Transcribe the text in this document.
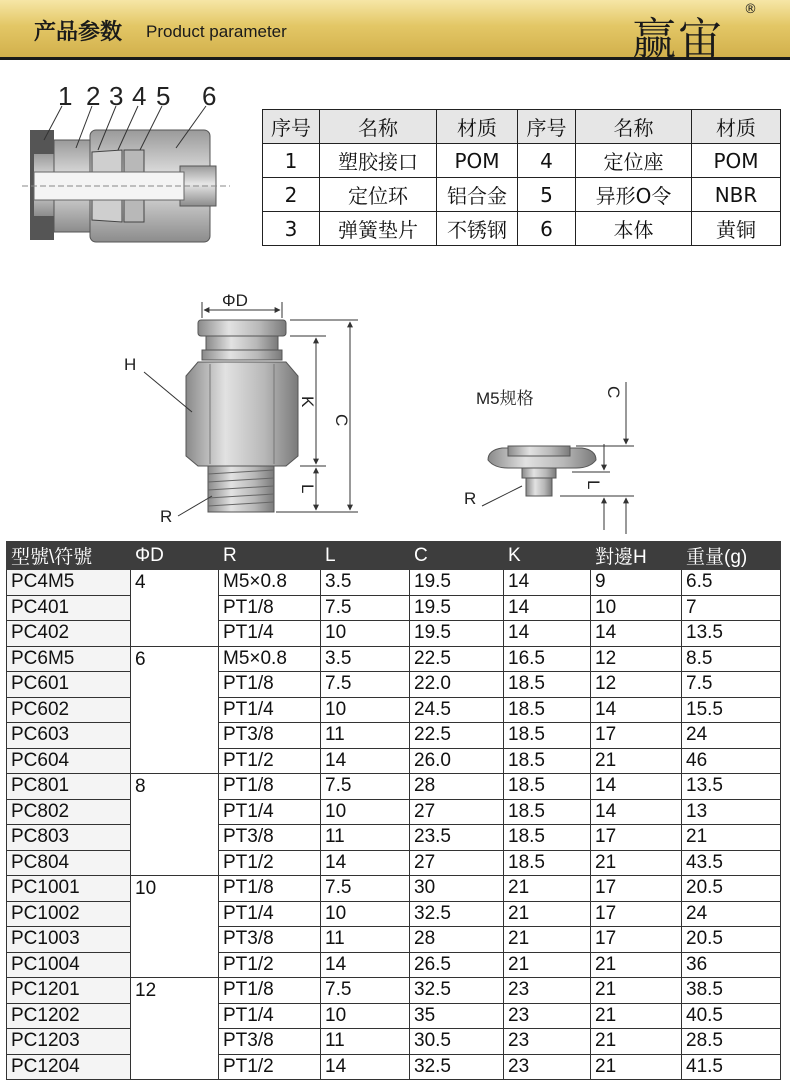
产品参数 Product parameter	赢宙
®
1 2 3 4 5 6
ΦD
H
K
C
L
R
M5规格	C
L
R
序号	名称	材质	序号	名称	材质
1	塑胶接口	POM	4	定位座	POM
2	定位环	铝合金	5	异形O令	NBR
3	弹簧垫片	不锈钢	6	本体	黄铜
型號\符號	ΦD	R	L	C	K	對邊H	重量(g)
PC4M5	4	M5×0.8	3.5	19.5	14	9	6.5
PC401		PT1/8	7.5	19.5	14	10	7
PC402		PT1/4	10	19.5	14	14	13.5
PC6M5	6	M5×0.8	3.5	22.5	16.5	12	8.5
PC601		PT1/8	7.5	22.0	18.5	12	7.5
PC602		PT1/4	10	24.5	18.5	14	15.5
PC603		PT3/8	11	22.5	18.5	17	24
PC604		PT1/2	14	26.0	18.5	21	46
PC801	8	PT1/8	7.5	28	18.5	14	13.5
PC802		PT1/4	10	27	18.5	14	13
PC803		PT3/8	11	23.5	18.5	17	21
PC804		PT1/2	14	27	18.5	21	43.5
PC1001	10	PT1/8	7.5	30	21	17	20.5
PC1002		PT1/4	10	32.5	21	17	24
PC1003		PT3/8	11	28	21	17	20.5
PC1004		PT1/2	14	26.5	21	21	36
PC1201	12	PT1/8	7.5	32.5	23	21	38.5
PC1202		PT1/4	10	35	23	21	40.5
PC1203		PT3/8	11	30.5	23	21	28.5
PC1204		PT1/2	14	32.5	23	21	41.5
